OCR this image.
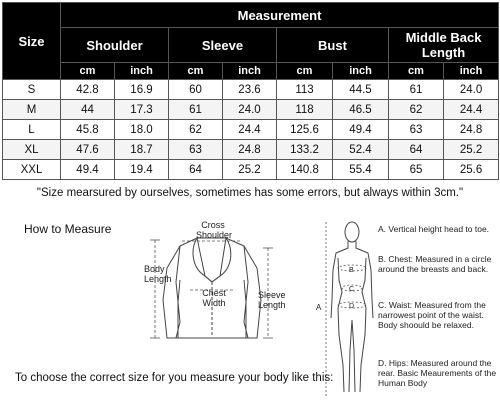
Size	Measurement							
	Shoulder		Sleeve		Bust		Middle Back Length	
	cm	inch	cm	inch	cm	inch	cm	inch
S	42.8	16.9	60	23.6	113	44.5	61	24.0
M	44	17.3	61	24.0	118	46.5	62	24.4
L	45.8	18.0	62	24.4	125.6	49.4	63	24.8
XL	47.6	18.7	63	24.8	133.2	52.4	64	25.2
XXL	49.4	19.4	64	25.2	140.8	55.4	65	25.6
"Size mearsured by ourselves, sometimes has some errors, but always within 3cm."
How to Measure	Cross Shoulder
Body Length
Chest Width
Sleeve Length
To choose the correct size for you measure your body like this:
A
B
C
D
A. Vertical height head to toe.
B. Chest: Measured in a circle around the breasts and back.
C. Waist: Measured from the narrowest point of the waist. Body shoould be relaxed.
D. Hips: Measured around the rear. Basic Meaurements of the Human Body
